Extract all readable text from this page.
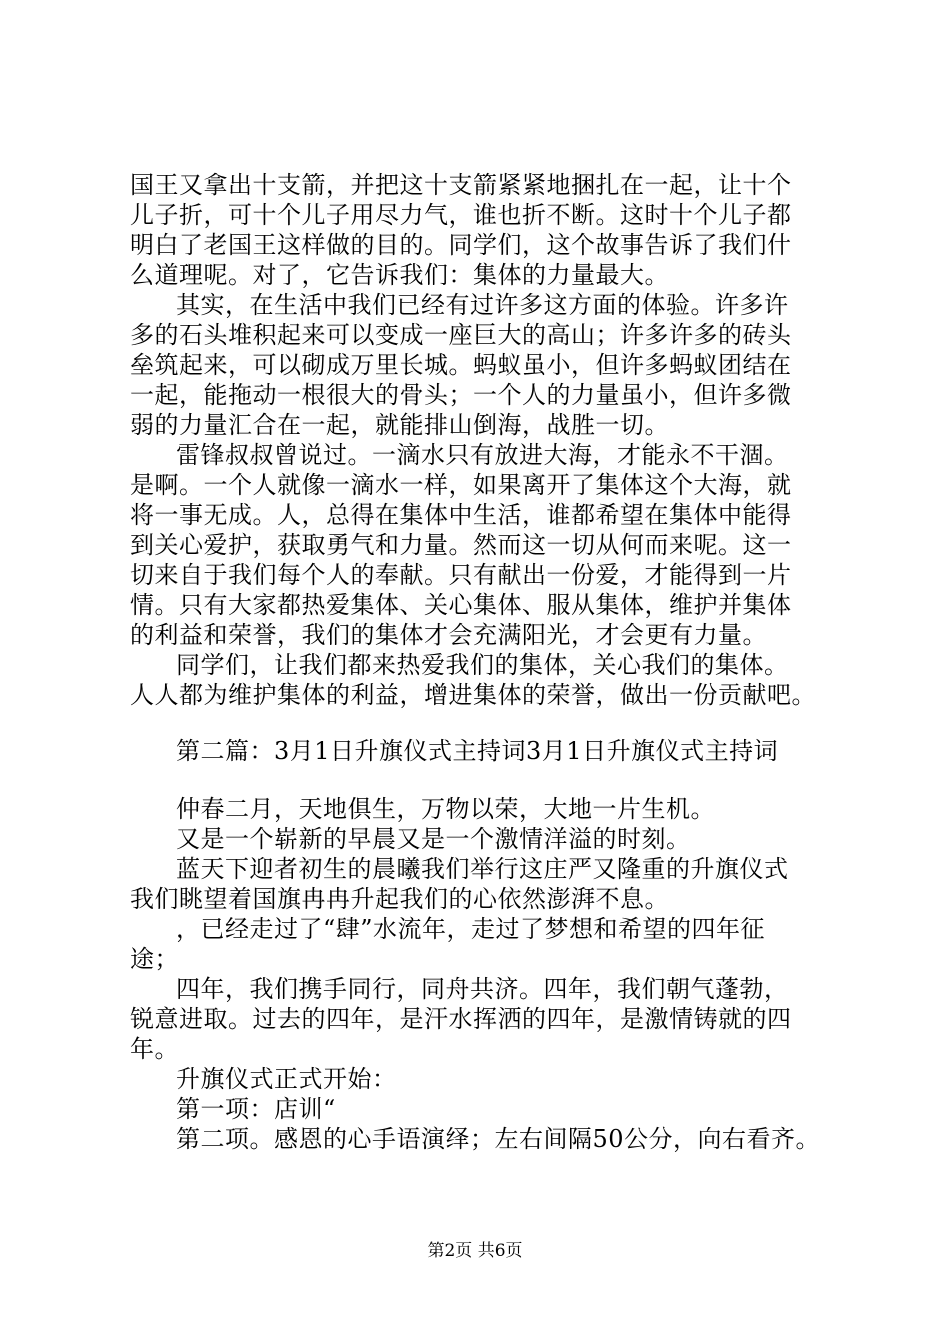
国王又拿出十支箭，并把这十支箭紧紧地捆扎在一起，让十个
儿子折，可十个儿子用尽力气，谁也折不断。这时十个儿子都
明白了老国王这样做的目的。同学们，这个故事告诉了我们什
么道理呢。对了，它告诉我们：集体的力量最大。
其实，在生活中我们已经有过许多这方面的体验。许多许
多的石头堆积起来可以变成一座巨大的高山；许多许多的砖头
垒筑起来，可以砌成万里长城。蚂蚁虽小，但许多蚂蚁团结在
一起，能拖动一根很大的骨头；一个人的力量虽小，但许多微
弱的力量汇合在一起，就能排山倒海，战胜一切。
雷锋叔叔曾说过。一滴水只有放进大海，才能永不干涸。
是啊。一个人就像一滴水一样，如果离开了集体这个大海，就
将一事无成。人，总得在集体中生活，谁都希望在集体中能得
到关心爱护，获取勇气和力量。然而这一切从何而来呢。这一
切来自于我们每个人的奉献。只有献出一份爱，才能得到一片
情。只有大家都热爱集体、关心集体、服从集体，维护并集体
的利益和荣誉，我们的集体才会充满阳光，才会更有力量。
同学们，让我们都来热爱我们的集体，关心我们的集体。
人人都为维护集体的利益，增进集体的荣誉，做出一份贡献吧。
第二篇：3月1日升旗仪式主持词3月1日升旗仪式主持词
仲春二月，天地俱生，万物以荣，大地一片生机。
又是一个崭新的早晨又是一个激情洋溢的时刻。
蓝天下迎者初生的晨曦我们举行这庄严又隆重的升旗仪式
我们眺望着国旗冉冉升起我们的心依然澎湃不息。
，已经走过了“肆”水流年，走过了梦想和希望的四年征
途；
四年，我们携手同行，同舟共济。四年，我们朝气蓬勃，
锐意进取。过去的四年，是汗水挥洒的四年，是激情铸就的四
年。
升旗仪式正式开始：
第一项：店训“
第二项。感恩的心手语演绎；左右间隔50公分，向右看齐。
第2页 共6页
